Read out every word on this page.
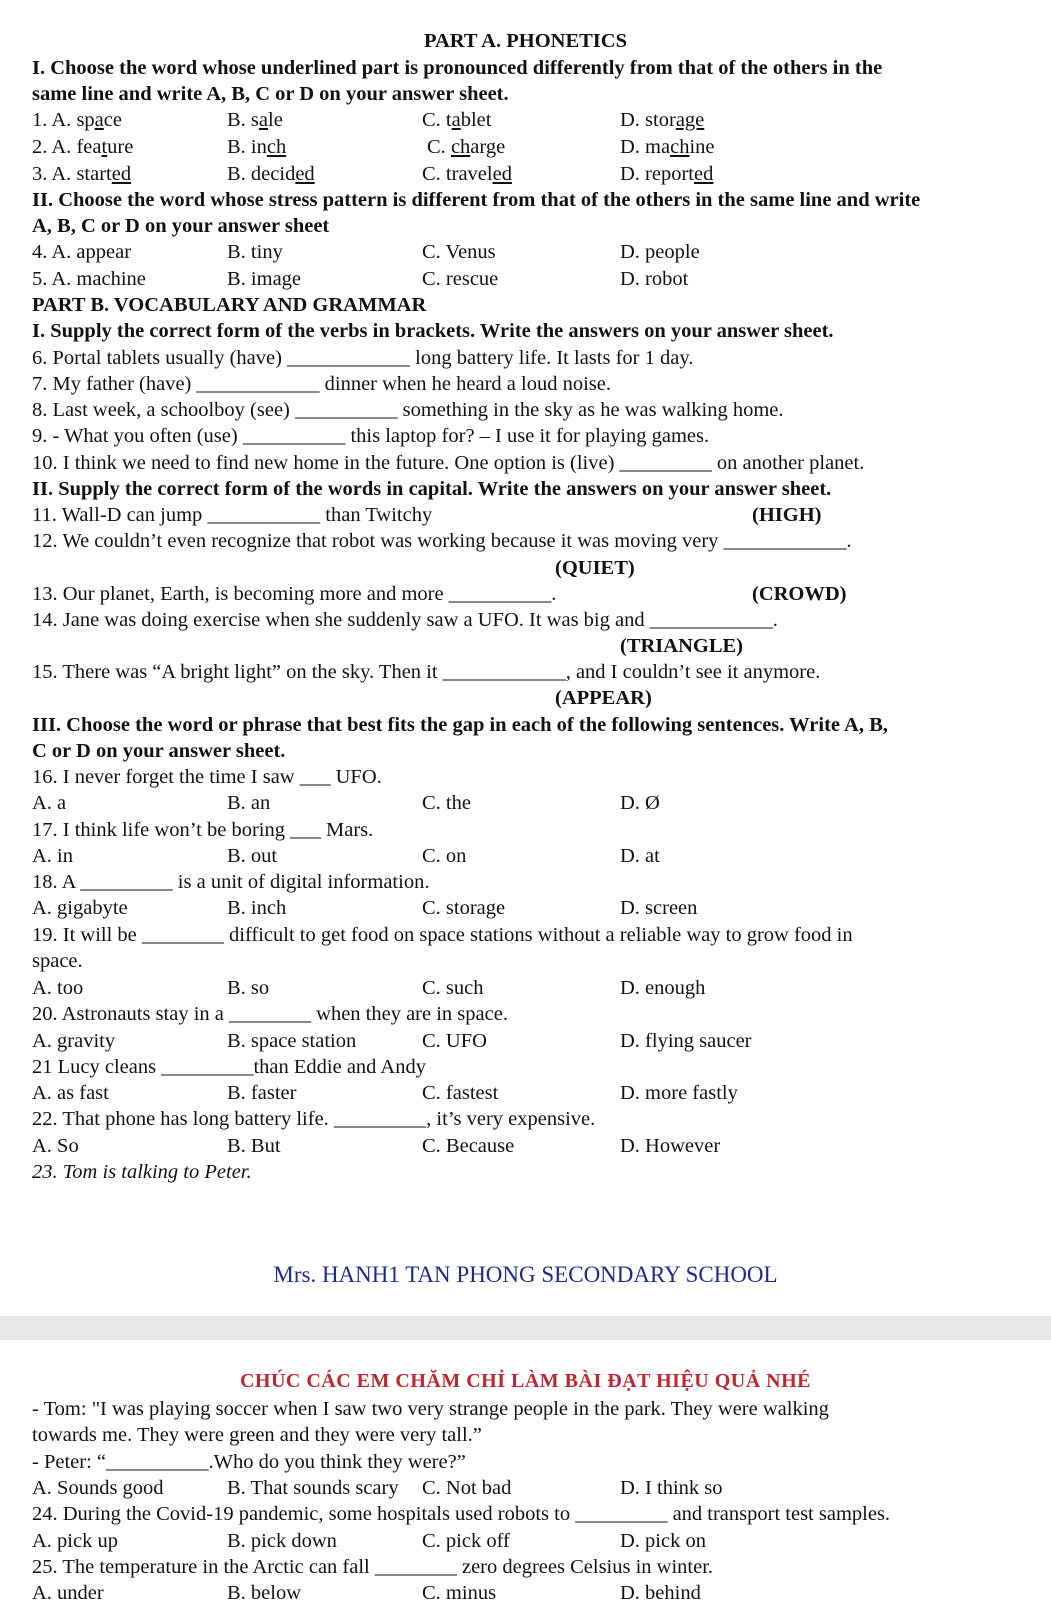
PART A. PHONETICS
I. Choose the word whose underlined part is pronounced differently from that of the others in the
same line and write A, B, C or D on your answer sheet.
1. A. space	B. sale	C. tablet	D. storage
2. A. feature	B. inch	C. charge	D. machine
3. A. started	B. decided	C. traveled	D. reported
II. Choose the word whose stress pattern is different from that of the others in the same line and write
A, B, C or D on your answer sheet
4. A. appear	B. tiny	C. Venus	D. people
5. A. machine	B. image	C. rescue	D. robot
PART B. VOCABULARY AND GRAMMAR
I. Supply the correct form of the verbs in brackets. Write the answers on your answer sheet.
6. Portal tablets usually (have) ____________ long battery life. It lasts for 1 day.
7. My father (have) ____________ dinner when he heard a loud noise.
8. Last week, a schoolboy (see) __________ something in the sky as he was walking home.
9. - What you often (use) __________ this laptop for? – I use it for playing games.
10. I think we need to find new home in the future. One option is (live) _________ on another planet.
II. Supply the correct form of the words in capital. Write the answers on your answer sheet.
11. Wall-D can jump ___________ than Twitchy	(HIGH)
12. We couldn’t even recognize that robot was working because it was moving very ____________.
(QUIET)
13. Our planet, Earth, is becoming more and more __________.	(CROWD)
14. Jane was doing exercise when she suddenly saw a UFO. It was big and ____________.
(TRIANGLE)
15. There was “A bright light” on the sky. Then it ____________, and I couldn’t see it anymore.
(APPEAR)
III. Choose the word or phrase that best fits the gap in each of the following sentences. Write A, B,
C or D on your answer sheet.
16. I never forget the time I saw ___ UFO.
A. a	B. an	C. the	D. Ø
17. I think life won’t be boring ___ Mars.
A. in	B. out	C. on	D. at
18. A _________ is a unit of digital information.
A. gigabyte	B. inch	C. storage	D. screen
19. It will be ________ difficult to get food on space stations without a reliable way to grow food in
space.
A. too	B. so	C. such	D. enough
20. Astronauts stay in a ________ when they are in space.
A. gravity	B. space station	C. UFO	D. flying saucer
21 Lucy cleans _________than Eddie and Andy
A. as fast	B. faster	C. fastest	D. more fastly
22. That phone has long battery life. _________, it’s very expensive.
A. So	B. But	C. Because	D. However
23. Tom is talking to Peter.
Mrs. HANH1 TAN PHONG SECONDARY SCHOOL
CHÚC CÁC EM CHĂM CHỈ LÀM BÀI ĐẠT HIỆU QUẢ NHÉ
- Tom: "I was playing soccer when I saw two very strange people in the park. They were walking
towards me. They were green and they were very tall.”
- Peter: “__________.Who do you think they were?”
A. Sounds good	B. That sounds scary C. Not bad	D. I think so
24. During the Covid-19 pandemic, some hospitals used robots to _________ and transport test samples.
A. pick up	B. pick down	C. pick off	D. pick on
25. The temperature in the Arctic can fall ________ zero degrees Celsius in winter.
A. under	B. below	C. minus	D. behind
